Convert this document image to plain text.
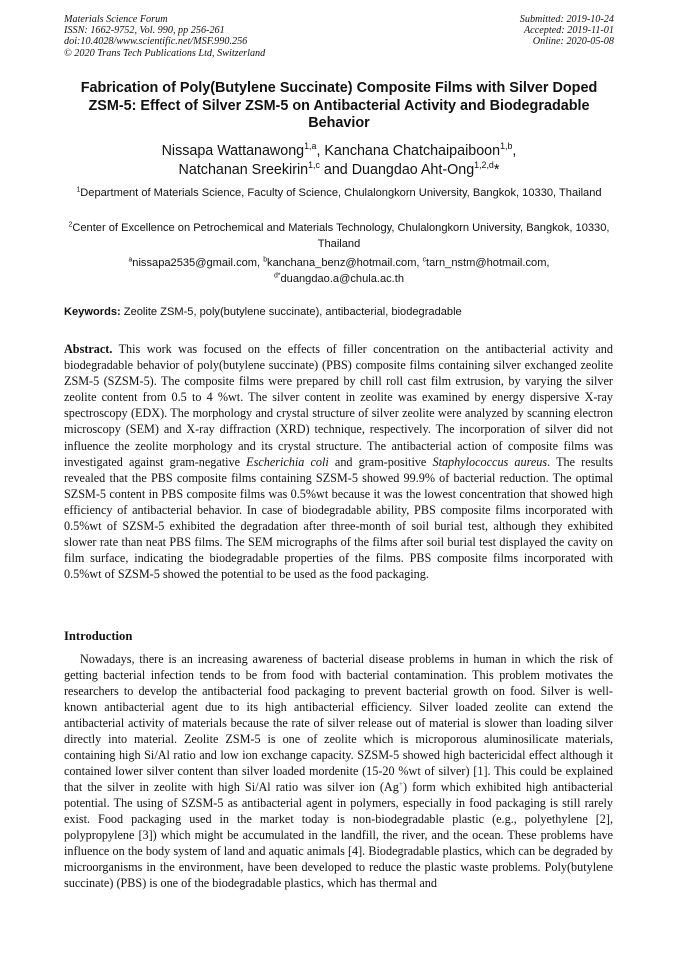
Materials Science Forum
ISSN: 1662-9752, Vol. 990, pp 256-261
doi:10.4028/www.scientific.net/MSF.990.256
© 2020 Trans Tech Publications Ltd, Switzerland
Submitted: 2019-10-24
Accepted: 2019-11-01
Online: 2020-05-08
Fabrication of Poly(Butylene Succinate) Composite Films with Silver Doped ZSM-5: Effect of Silver ZSM-5 on Antibacterial Activity and Biodegradable Behavior
Nissapa Wattanawong$^{1,a}$, Kanchana Chatchaipaiboon$^{1,b}$,
Natchanan Sreekirin$^{1,c}$ and Duangdao Aht-Ong$^{1,2,d}$*
$^1$Department of Materials Science, Faculty of Science, Chulalongkorn University, Bangkok, 10330, Thailand
$^2$Center of Excellence on Petrochemical and Materials Technology, Chulalongkorn University, Bangkok, 10330, Thailand
$^a$nissapa2535@gmail.com, $^b$kanchana_benz@hotmail.com, $^c$tarn_nstm@hotmail.com,
$^{d*}$duangdao.a@chula.ac.th
Keywords: Zeolite ZSM-5, poly(butylene succinate), antibacterial, biodegradable
Abstract. This work was focused on the effects of filler concentration on the antibacterial activity and biodegradable behavior of poly(butylene succinate) (PBS) composite films containing silver exchanged zeolite ZSM-5 (SZSM-5). The composite films were prepared by chill roll cast film extrusion, by varying the silver zeolite content from 0.5 to 4 %wt. The silver content in zeolite was examined by energy dispersive X-ray spectroscopy (EDX). The morphology and crystal structure of silver zeolite were analyzed by scanning electron microscopy (SEM) and X-ray diffraction (XRD) technique, respectively. The incorporation of silver did not influence the zeolite morphology and its crystal structure. The antibacterial action of composite films was investigated against gram-negative Escherichia coli and gram-positive Staphylococcus aureus. The results revealed that the PBS composite films containing SZSM-5 showed 99.9% of bacterial reduction. The optimal SZSM-5 content in PBS composite films was 0.5%wt because it was the lowest concentration that showed high efficiency of antibacterial behavior. In case of biodegradable ability, PBS composite films incorporated with 0.5%wt of SZSM-5 exhibited the degradation after three-month of soil burial test, although they exhibited slower rate than neat PBS films. The SEM micrographs of the films after soil burial test displayed the cavity on film surface, indicating the biodegradable properties of the films. PBS composite films incorporated with 0.5%wt of SZSM-5 showed the potential to be used as the food packaging.
Introduction
Nowadays, there is an increasing awareness of bacterial disease problems in human in which the risk of getting bacterial infection tends to be from food with bacterial contamination. This problem motivates the researchers to develop the antibacterial food packaging to prevent bacterial growth on food. Silver is well-known antibacterial agent due to its high antibacterial efficiency. Silver loaded zeolite can extend the antibacterial activity of materials because the rate of silver release out of material is slower than loading silver directly into material. Zeolite ZSM-5 is one of zeolite which is microporous aluminosilicate materials, containing high Si/Al ratio and low ion exchange capacity. SZSM-5 showed high bactericidal effect although it contained lower silver content than silver loaded mordenite (15-20 %wt of silver) [1]. This could be explained that the silver in zeolite with high Si/Al ratio was silver ion (Ag+) form which exhibited high antibacterial potential. The using of SZSM-5 as antibacterial agent in polymers, especially in food packaging is still rarely exist. Food packaging used in the market today is non-biodegradable plastic (e.g., polyethylene [2], polypropylene [3]) which might be accumulated in the landfill, the river, and the ocean. These problems have influence on the body system of land and aquatic animals [4]. Biodegradable plastics, which can be degraded by microorganisms in the environment, have been developed to reduce the plastic waste problems. Poly(butylene succinate) (PBS) is one of the biodegradable plastics, which has thermal and
